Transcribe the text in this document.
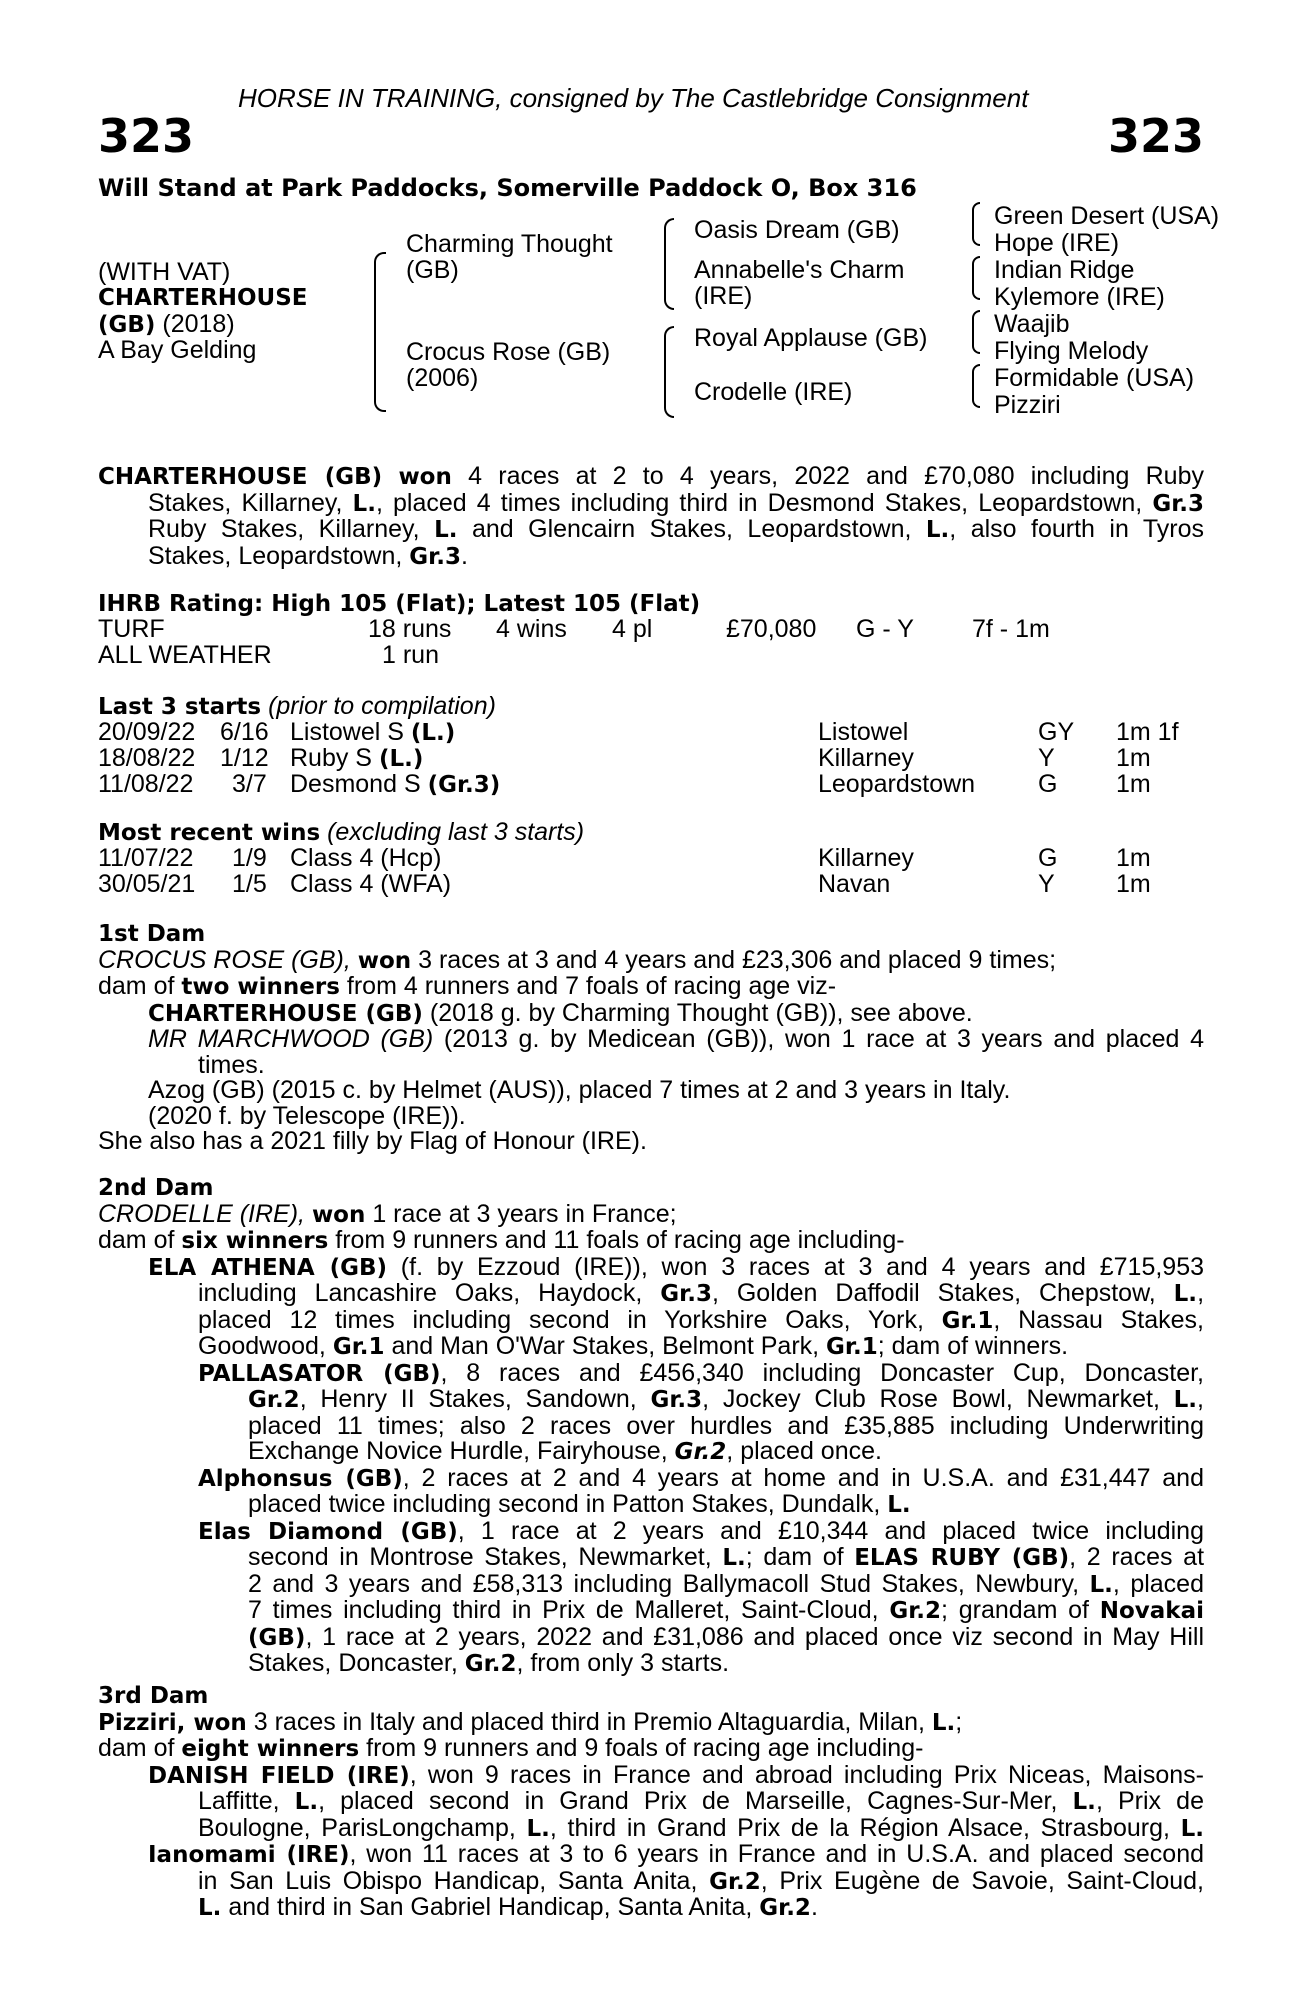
HORSE IN TRAINING, consigned by The Castlebridge Consignment
323	323
Will Stand at Park Paddocks, Somerville Paddock O, Box 316
(WITH VAT)
CHARTERHOUSE
(GB) (2018)
A Bay Gelding
Charming Thought
(GB)
Crocus Rose (GB)
(2006)
Oasis Dream (GB)
Annabelle's Charm
(IRE)
Royal Applause (GB)
Crodelle (IRE)
Green Desert (USA)
Hope (IRE)
Indian Ridge
Kylemore (IRE)
Waajib
Flying Melody
Formidable (USA)
Pizziri
CHARTERHOUSE (GB) won 4 races at 2 to 4 years, 2022 and £70,080 including Ruby
Stakes, Killarney, L., placed 4 times including third in Desmond Stakes, Leopardstown, Gr.3
Ruby Stakes, Killarney, L. and Glencairn Stakes, Leopardstown, L., also fourth in Tyros
Stakes, Leopardstown, Gr.3.
IHRB Rating: High 105 (Flat); Latest 105 (Flat)
TURF	18 runs 4 wins 4 pl	£70,080 G - Y 7f - 1m
ALL WEATHER	1 run
Last 3 starts (prior to compilation)
20/09/22 6/16 Listowel S (L.)	Listowel	GY 1m 1f
18/08/22 1/12 Ruby S (L.)	Killarney	Y 1m
11/08/22 3/7 Desmond S (Gr.3)	Leopardstown	G 1m
Most recent wins (excluding last 3 starts)
11/07/22 1/9 Class 4 (Hcp)	Killarney	G 1m
30/05/21 1/5 Class 4 (WFA)	Navan	Y 1m
1st Dam
CROCUS ROSE (GB), won 3 races at 3 and 4 years and £23,306 and placed 9 times;
dam of two winners from 4 runners and 7 foals of racing age viz-
CHARTERHOUSE (GB) (2018 g. by Charming Thought (GB)), see above.
MR MARCHWOOD (GB) (2013 g. by Medicean (GB)), won 1 race at 3 years and placed 4
times.
Azog (GB) (2015 c. by Helmet (AUS)), placed 7 times at 2 and 3 years in Italy.
(2020 f. by Telescope (IRE)).
She also has a 2021 filly by Flag of Honour (IRE).
2nd Dam
CRODELLE (IRE), won 1 race at 3 years in France;
dam of six winners from 9 runners and 11 foals of racing age including-
ELA ATHENA (GB) (f. by Ezzoud (IRE)), won 3 races at 3 and 4 years and £715,953
including Lancashire Oaks, Haydock, Gr.3, Golden Daffodil Stakes, Chepstow, L.,
placed 12 times including second in Yorkshire Oaks, York, Gr.1, Nassau Stakes,
Goodwood, Gr.1 and Man O'War Stakes, Belmont Park, Gr.1; dam of winners.
PALLASATOR (GB), 8 races and £456,340 including Doncaster Cup, Doncaster,
Gr.2, Henry II Stakes, Sandown, Gr.3, Jockey Club Rose Bowl, Newmarket, L.,
placed 11 times; also 2 races over hurdles and £35,885 including Underwriting
Exchange Novice Hurdle, Fairyhouse, Gr.2, placed once.
Alphonsus (GB), 2 races at 2 and 4 years at home and in U.S.A. and £31,447 and
placed twice including second in Patton Stakes, Dundalk, L.
Elas Diamond (GB), 1 race at 2 years and £10,344 and placed twice including
second in Montrose Stakes, Newmarket, L.; dam of ELAS RUBY (GB), 2 races at
2 and 3 years and £58,313 including Ballymacoll Stud Stakes, Newbury, L., placed
7 times including third in Prix de Malleret, Saint-Cloud, Gr.2; grandam of Novakai
(GB), 1 race at 2 years, 2022 and £31,086 and placed once viz second in May Hill
Stakes, Doncaster, Gr.2, from only 3 starts.
3rd Dam
Pizziri, won 3 races in Italy and placed third in Premio Altaguardia, Milan, L.;
dam of eight winners from 9 runners and 9 foals of racing age including-
DANISH FIELD (IRE), won 9 races in France and abroad including Prix Niceas, Maisons-
Laffitte, L., placed second in Grand Prix de Marseille, Cagnes-Sur-Mer, L., Prix de
Boulogne, ParisLongchamp, L., third in Grand Prix de la Région Alsace, Strasbourg, L.
Ianomami (IRE), won 11 races at 3 to 6 years in France and in U.S.A. and placed second
in San Luis Obispo Handicap, Santa Anita, Gr.2, Prix Eugène de Savoie, Saint-Cloud,
L. and third in San Gabriel Handicap, Santa Anita, Gr.2.
